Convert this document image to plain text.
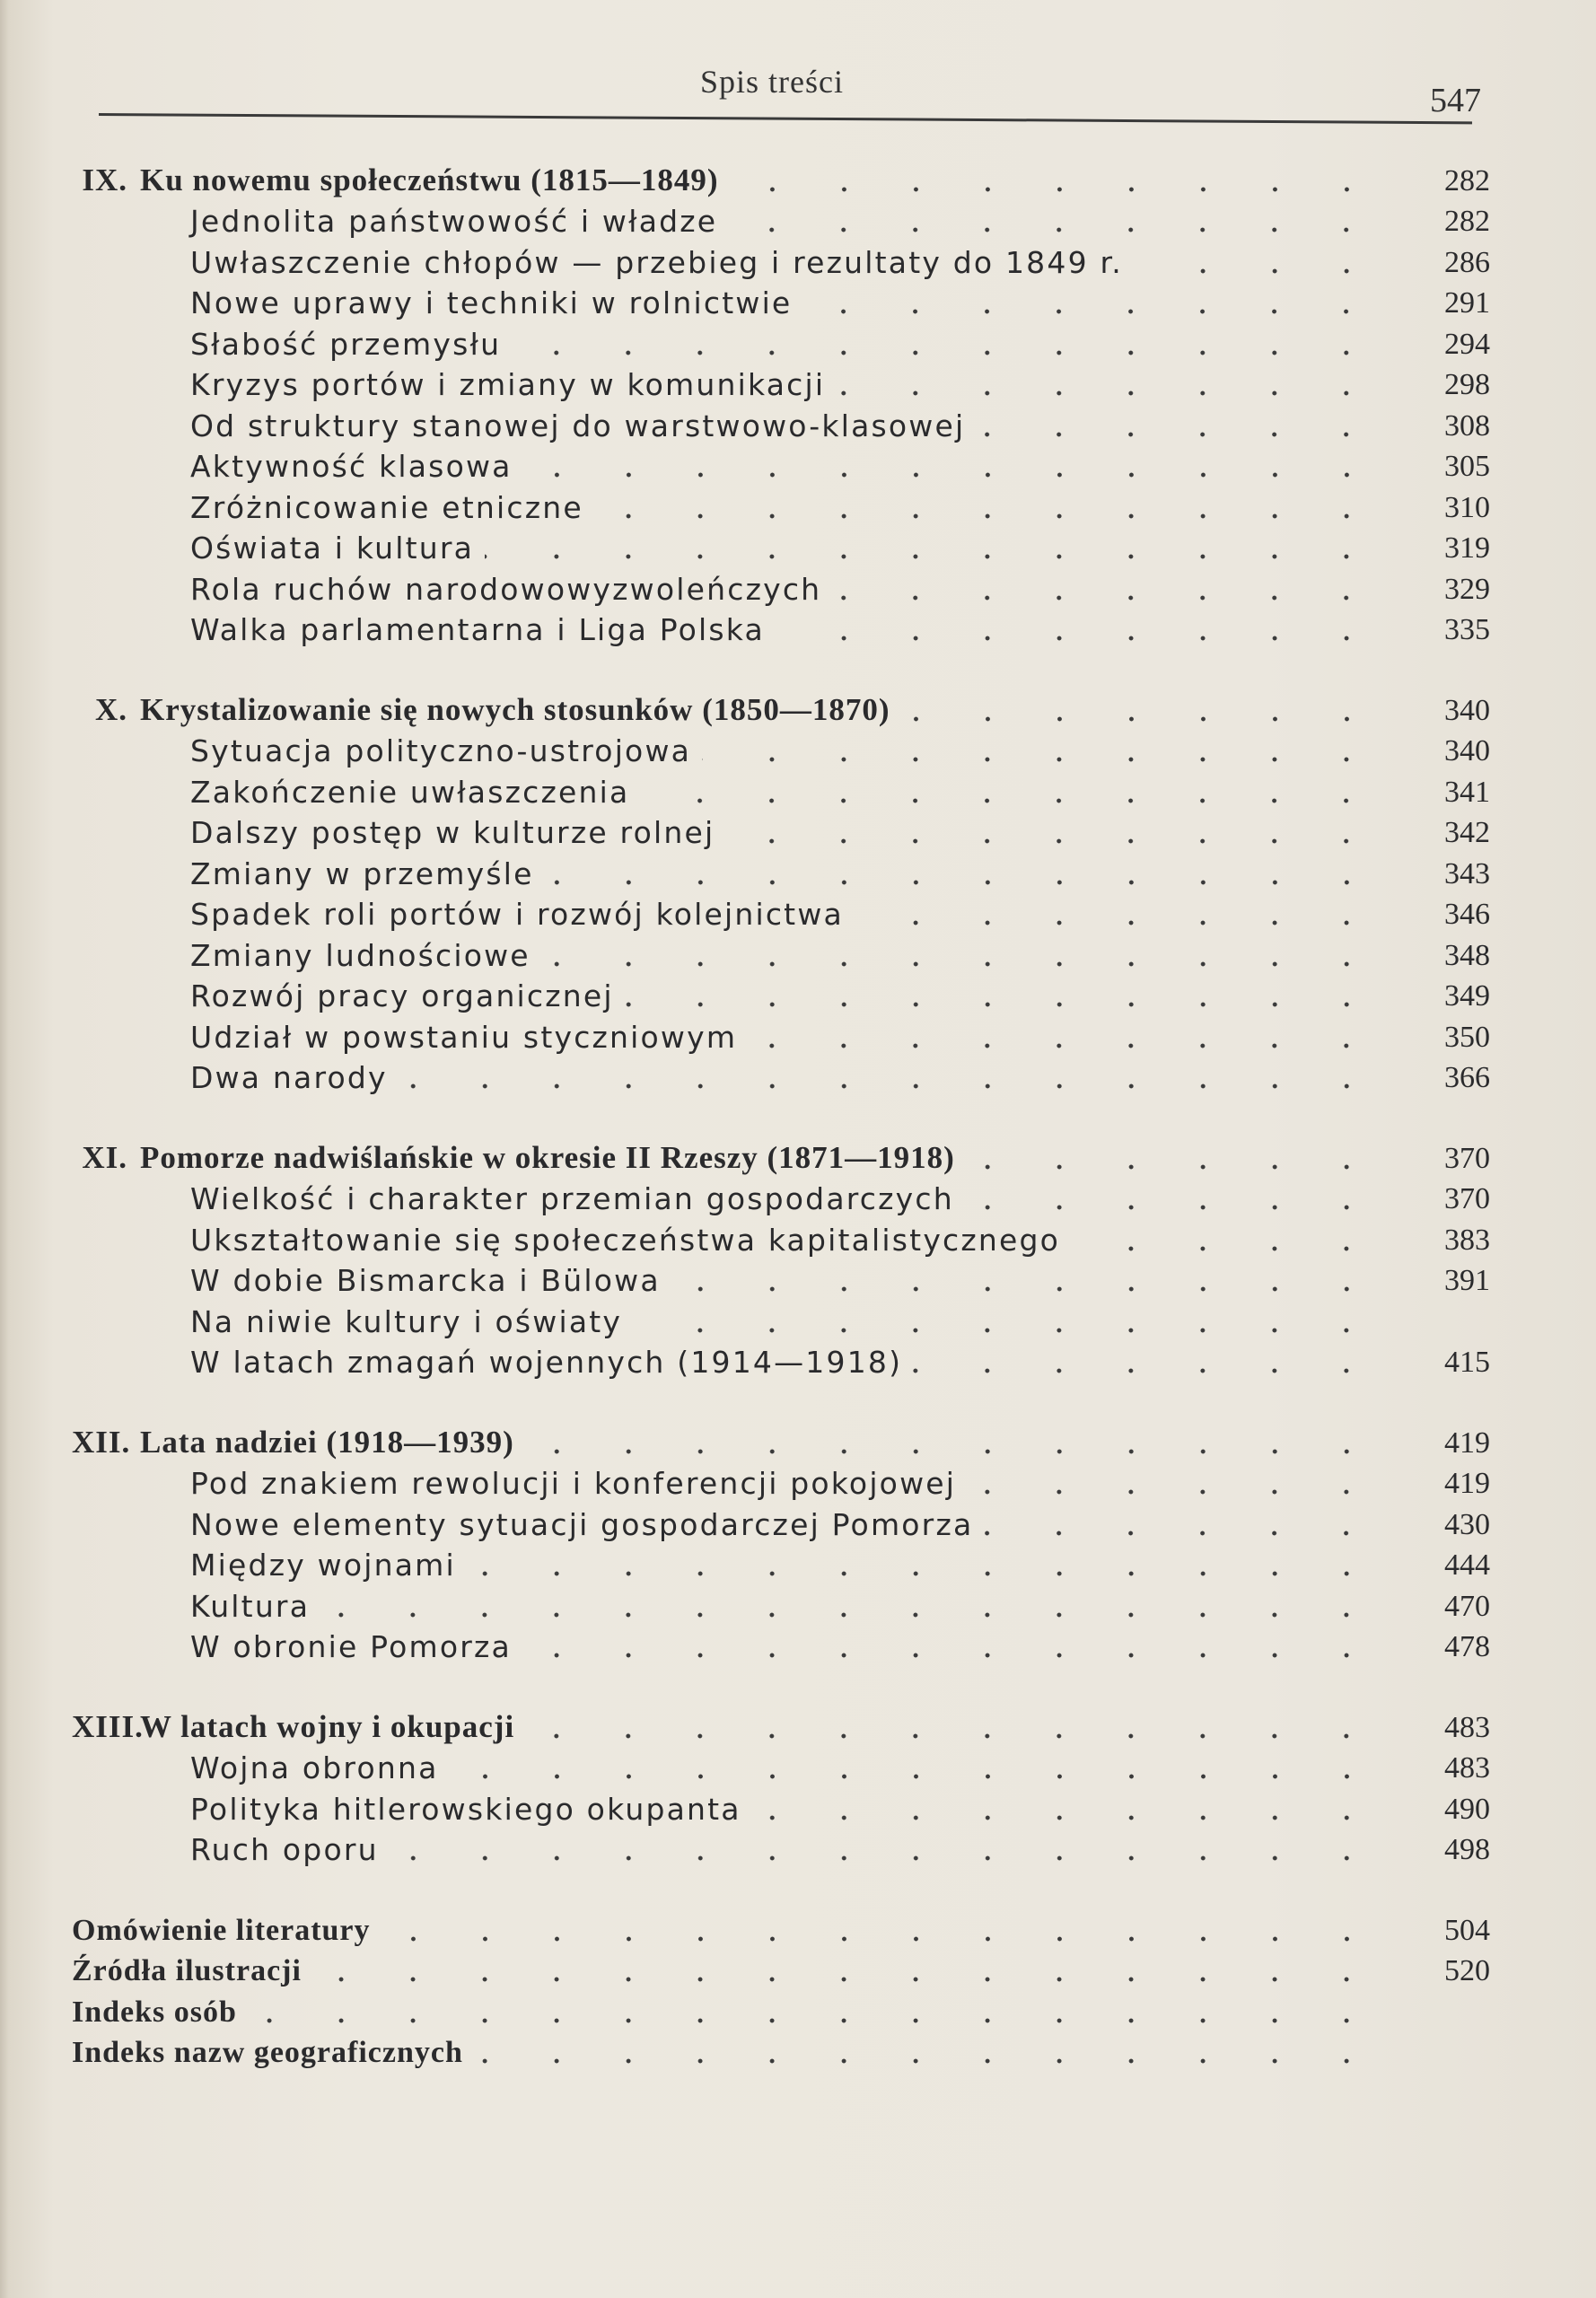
Spis treści	547
IX. Ku nowemu społeczeństwu (1815—1849)	282
Jednolita państwowość i władze	282
Uwłaszczenie chłopów — przebieg i rezultaty do 1849 r.	286
Nowe uprawy i techniki w rolnictwie	291
Słabość przemysłu	294
Kryzys portów i zmiany w komunikacji	298
Od struktury stanowej do warstwowo-klasowej	308
Aktywność klasowa	305
Zróżnicowanie etniczne	310
Oświata i kultura	319
Rola ruchów narodowowyzwoleńczych	329
Walka parlamentarna i Liga Polska	335
X. Krystalizowanie się nowych stosunków (1850—1870)	340
Sytuacja polityczno-ustrojowa	340
Zakończenie uwłaszczenia	341
Dalszy postęp w kulturze rolnej	342
Zmiany w przemyśle	343
Spadek roli portów i rozwój kolejnictwa	346
Zmiany ludnościowe	348
Rozwój pracy organicznej	349
Udział w powstaniu styczniowym	350
Dwa narody	366
XI. Pomorze nadwiślańskie w okresie II Rzeszy (1871—1918)	370
Wielkość i charakter przemian gospodarczych	370
Ukształtowanie się społeczeństwa kapitalistycznego	383
W dobie Bismarcka i Bülowa	391
Na niwie kultury i oświaty
W latach zmagań wojennych (1914—1918)	415
XII. Lata nadziei (1918—1939)	419
Pod znakiem rewolucji i konferencji pokojowej	419
Nowe elementy sytuacji gospodarczej Pomorza	430
Między wojnami	444
Kultura	470
W obronie Pomorza	478
XIII.W latach wojny i okupacji	483
Wojna obronna	483
Polityka hitlerowskiego okupanta	490
Ruch oporu	498
Omówienie literatury	504
Źródła ilustracji	520
Indeks osób
Indeks nazw geograficznych
